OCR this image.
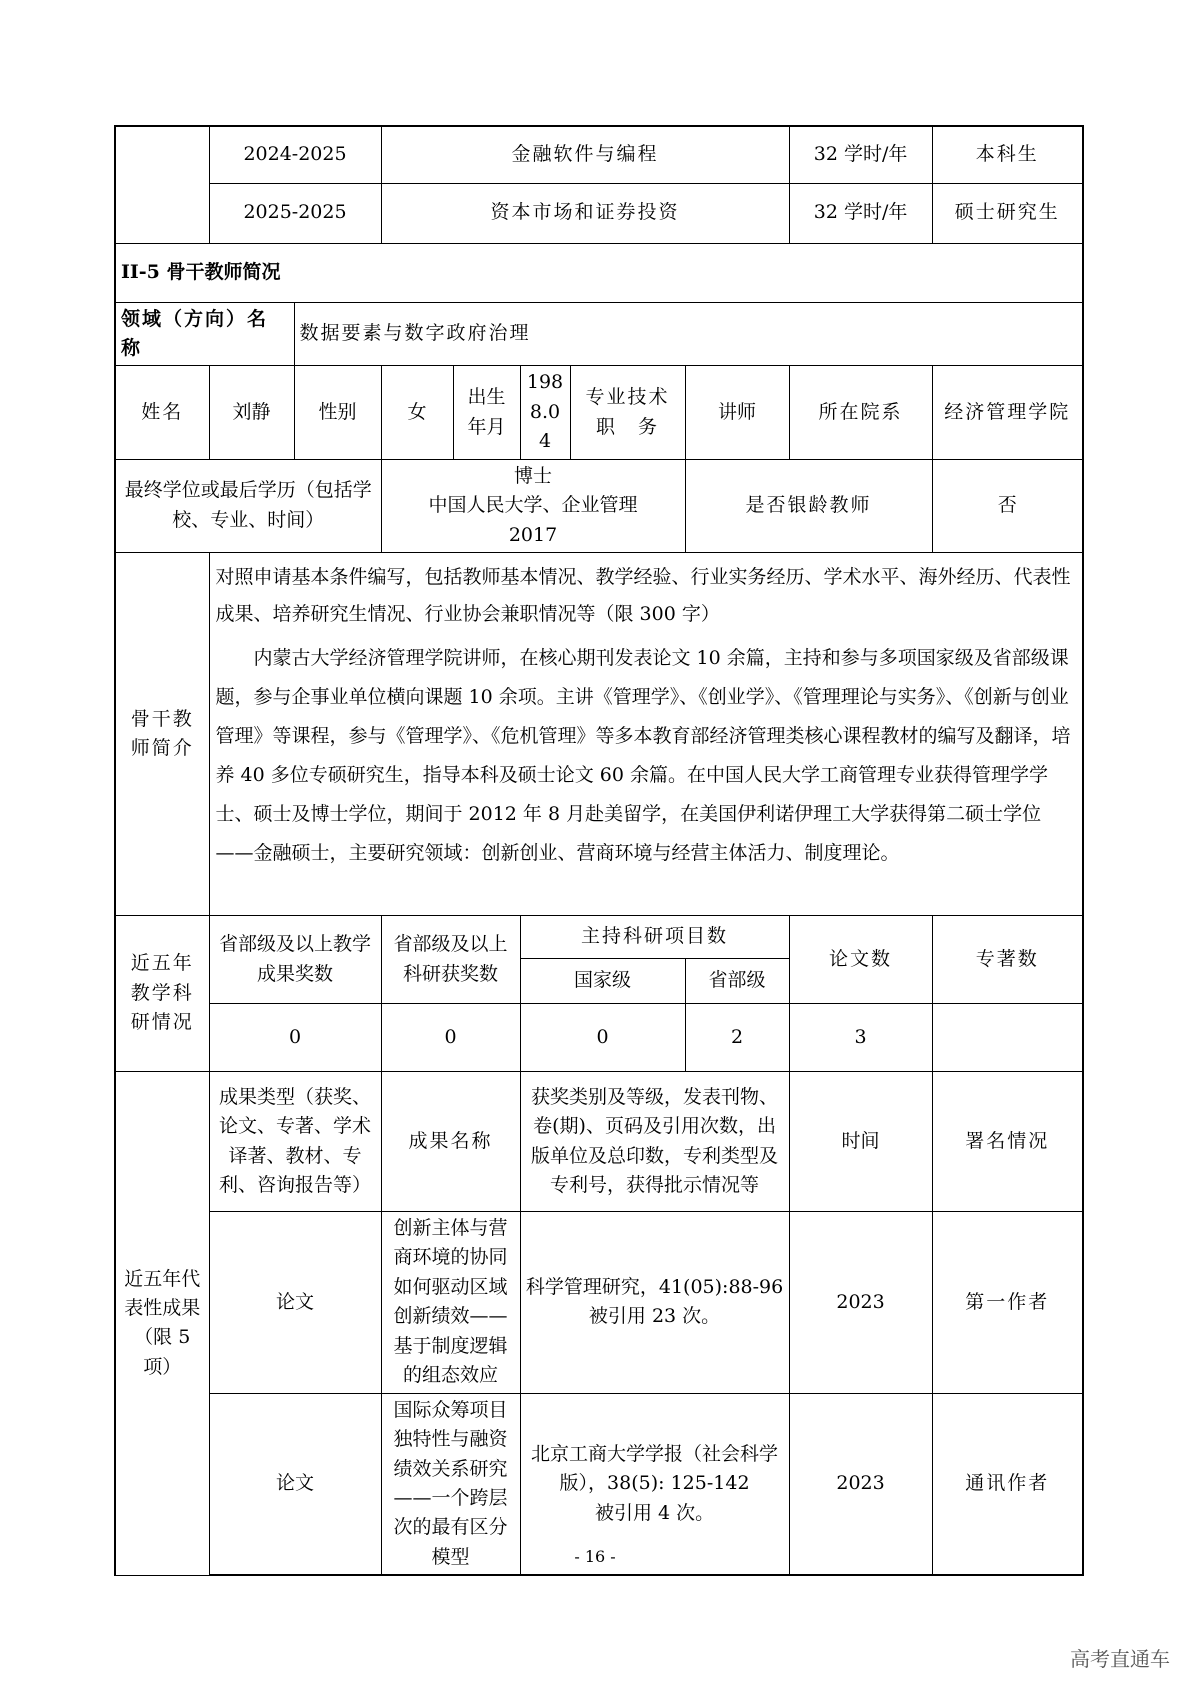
	2024-2025		金融软件与编程					32 学时/年	本科生
	2025-2025		资本市场和证券投资					32 学时/年	硕士研究生
II-5 骨干教师简况									
领域（方向）名称		数据要素与数字政府治理							
姓名	刘静	性别	女	出生年月	1988.04	专业技术职　务	讲师	所在院系	经济管理学院
最终学位或最后学历（包括学校、专业、时间）			博士
中国人民大学、企业管理
2017				是否银龄教师		否
骨干教师简介	对照申请基本条件编写，包括教师基本情况、教学经验、行业实务经历、学术水平、海外经历、代表性成果、培养研究生情况、行业协会兼职情况等（限 300 字）
内蒙古大学经济管理学院讲师，在核心期刊发表论文 10 余篇，主持和参与多项国家级及省部级课题，参与企事业单位横向课题 10 余项。主讲《管理学》、《创业学》、《管理理论与实务》、《创新与创业管理》等课程，参与《管理学》、《危机管理》等多本教育部经济管理类核心课程教材的编写及翻译，培养 40 多位专硕研究生，指导本科及硕士论文 60 余篇。在中国人民大学工商管理专业获得管理学学士、硕士及博士学位，期间于 2012 年 8 月赴美留学，在美国伊利诺伊理工大学获得第二硕士学位——金融硕士，主要研究领域：创新创业、营商环境与经营主体活力、制度理论。								

近五年教学科研情况	省部级及以上教学成果奖数		省部级及以上科研获奖数		主持科研项目数			论文数	专著数
					国家级		省部级		
	0		0		0		2	3	
近五年代表性成果（限 5 项）	成果类型（获奖、论文、专著、学术译著、教材、专利、咨询报告等）		成果名称		获奖类别及等级，发表刊物、卷(期)、页码及引用次数，出版单位及总印数，专利类型及专利号，获得批示情况等			时间	署名情况
	论文		创新主体与营商环境的协同如何驱动区域创新绩效——基于制度逻辑的组态效应		科学管理研究，41(05):88-96
被引用 23 次。			2023	第一作者
	论文		国际众筹项目独特性与融资绩效关系研究——一个跨层次的最有区分模型		北京工商大学学报（社会科学版），38(5): 125-142
被引用 4 次。			2023	通讯作者
- 16 -
高考直通车
